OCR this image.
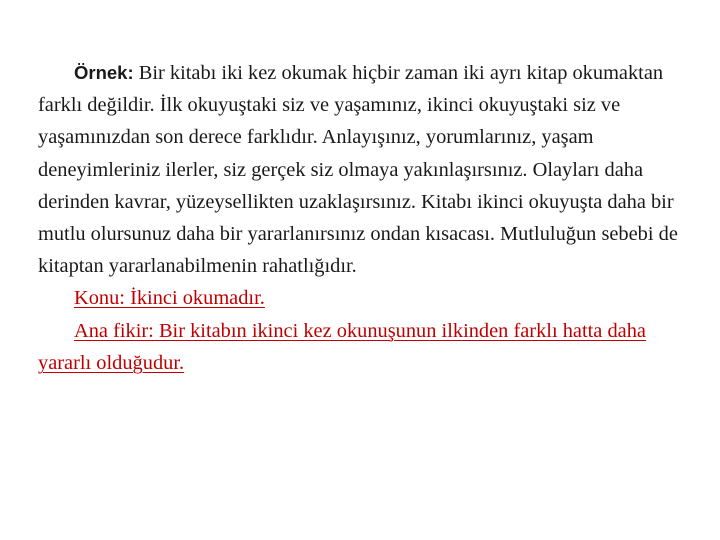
Örnek: Bir kitabı iki kez okumak hiçbir zaman iki ayrı kitap okumaktan farklı değildir. İlk okuyuştaki siz ve yaşamınız, ikinci okuyuştaki siz ve yaşamınızdan son derece farklıdır. Anlayışınız, yorumlarınız, yaşam deneyimleriniz ilerler, siz gerçek siz olmaya yakınlaşırsınız. Olayları daha derinden kavrar, yüzeysellikten uzaklaşırsınız. Kitabı ikinci okuyuşta daha bir mutlu olursunuz daha bir yararlanırsınız ondan kısacası. Mutluluğun sebebi de kitaptan yararlanabilmenin rahatlığıdır.

Konu: İkinci okumadır.

Ana fikir: Bir kitabın ikinci kez okunuşunun ilkinden farklı hatta daha yararlı olduğudur.
